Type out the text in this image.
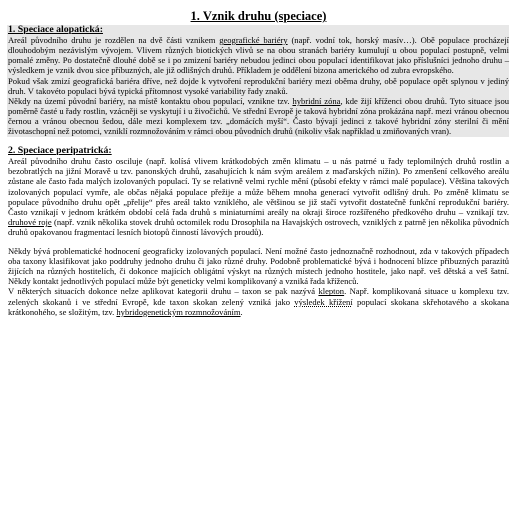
1. Vznik druhu (speciace)
1. Speciace alopatická:

Areál původního druhu je rozdělen na dvě části vznikem geografické bariéry (např. vodní tok, horský masív…). Obě populace procházejí dlouhodobým nezávislým vývojem. Vlivem různých biotických vlivů se na obou stranách bariéry kumulují u obou populací postupně, velmi pomalé změny. Po dostatečně dlouhé době se i po zmizení bariéry nebudou jedinci obou populací identifikovat jako příslušníci jednoho druhu – výsledkem je vznik dvou sice příbuzných, ale již odlišných druhů. Příkladem je oddělení bizona amerického od zubra evropského.

Pokud však zmizí geografická bariéra dříve, než dojde k vytvoření reprodukční bariéry mezi oběma druhy, obě populace opět splynou v jediný druh. V takovéto populaci bývá typická přítomnost vysoké variability řady znaků.

Někdy na území původní bariéry, na místě kontaktu obou populací, vznikne tzv. hybridní zóna, kde žijí kříženci obou druhů. Tyto situace jsou poměrně časté u řady rostlin, vzácněji se vyskytují i u živočichů. Ve střední Evropě je taková hybridní zóna prokázána např. mezi vránou obecnou černou a vránou obecnou šedou, dále mezi komplexem tzv. „domácích myší“. Často bývají jedinci z takové hybridní zóny sterilní či mění životaschopní než potomci, vzniklí rozmnožováním v rámci obou původních druhů (nikoliv však například u zmiňovaných vran).

2. Speciace peripatrická:

Areál původního druhu často osciluje (např. kolísá vlivem krátkodobých změn klimatu – u nás patrné u řady teplomilných druhů rostlin a bezobratlých na jižní Moravě u tzv. panonských druhů, zasahujících k nám svým areálem z maďarských nížin). Po zmenšení celkového areálu zůstane ale často řada malých izolovaných populací. Ty se relativně velmi rychle mění (působí efekty v rámci malé populace). Většina takových izolovaných populací vymře, ale občas nějaká populace přežije a může během mnoha generací vytvořit odlišný druh. Po změně klimatu se populace původního druhu opět „přelije“ přes areál takto vzniklého, ale většinou se již stačí vytvořit dostatečně funkční reprodukční bariéry. Často vznikají v jednom krátkém období celá řada druhů s miniaturními areály na okraji široce rozšířeného předkového druhu – vznikají tzv. druhové roje (např. vznik několika stovek druhů octomilek rodu Drosophila na Havajských ostrovech, vzniklých z patrně jen několika původních druhů opakovanou fragmentací lesních biotopů činností lávových proudů).

Někdy bývá problematické hodnocení geograficky izolovaných populací. Není možné často jednoznačně rozhodnout, zda v takových případech oba taxony klasifikovat jako poddruhy jednoho druhu či jako různé druhy. Podobně problematické bývá i hodnocení blízce příbuzných parazitů žijících na různých hostitelích, či dokonce majících obligátní výskyt na různých místech jednoho hostitele, jako např. veš dětská a veš šatní. Někdy kontakt jednotlivých populací může být geneticky velmi komplikovaný a vzniká řada kříženců.

V některých situacích dokonce nelze aplikovat kategorii druhu – taxon se pak nazývá klepton. Např. komplikovaná situace u komplexu tzv. zelených skokanů i ve střední Evropě, kde taxon skokan zelený vzniká jako výsledek křížení populací skokana skřehotavého a skokana krátkonohého, se složitým, tzv. hybridogenetickým rozmnožováním.
